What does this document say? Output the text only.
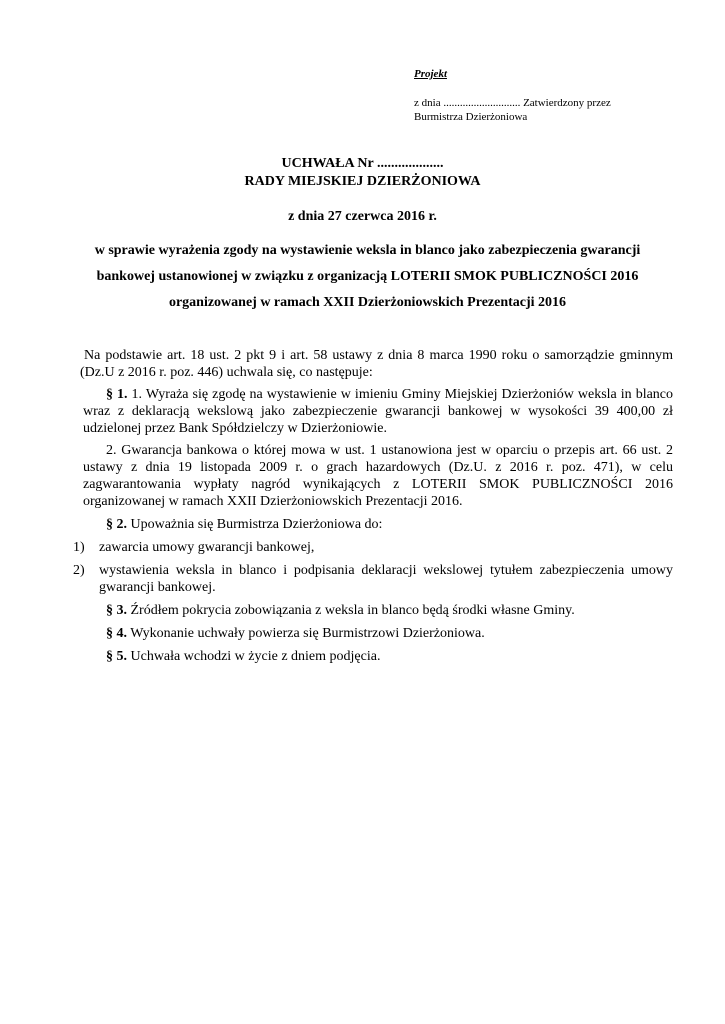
Projekt
z dnia ............................ Zatwierdzony przez
Burmistrza Dzierżoniowa
UCHWAŁA Nr ...................
RADY MIEJSKIEJ DZIERŻONIOWA
z dnia 27 czerwca 2016 r.
w sprawie wyrażenia zgody na wystawienie weksla in blanco jako zabezpieczenia gwarancji
bankowej ustanowionej w związku z organizacją LOTERII SMOK PUBLICZNOŚCI 2016
organizowanej w ramach XXII Dzierżoniowskich Prezentacji 2016

Na podstawie art. 18 ust. 2 pkt 9 i art. 58 ustawy z dnia 8 marca 1990 roku o samorządzie gminnym (Dz.U z 2016 r. poz. 446) uchwala się, co następuje:

§ 1. 1. Wyraża się zgodę na wystawienie w imieniu Gminy Miejskiej Dzierżoniów weksla in blanco wraz z deklaracją wekslową jako zabezpieczenie gwarancji bankowej w wysokości 39 400,00 zł udzielonej przez Bank Spółdzielczy w Dzierżoniowie.

2. Gwarancja bankowa o której mowa w ust. 1 ustanowiona jest w oparciu o przepis art. 66 ust. 2 ustawy z dnia 19 listopada 2009 r. o grach hazardowych (Dz.U. z 2016 r. poz. 471), w celu zagwarantowania wypłaty nagród wynikających z LOTERII SMOK PUBLICZNOŚCI 2016 organizowanej w ramach XXII Dzierżoniowskich Prezentacji 2016.

§ 2. Upoważnia się Burmistrza Dzierżoniowa do:

1)	zawarcia umowy gwarancji bankowej,
2)	wystawienia weksla in blanco i podpisania deklaracji wekslowej tytułem zabezpieczenia umowy gwarancji bankowej.

§ 3. Źródłem pokrycia zobowiązania z weksla in blanco będą środki własne Gminy.

§ 4. Wykonanie uchwały powierza się Burmistrzowi Dzierżoniowa.

§ 5. Uchwała wchodzi w życie z dniem podjęcia.
